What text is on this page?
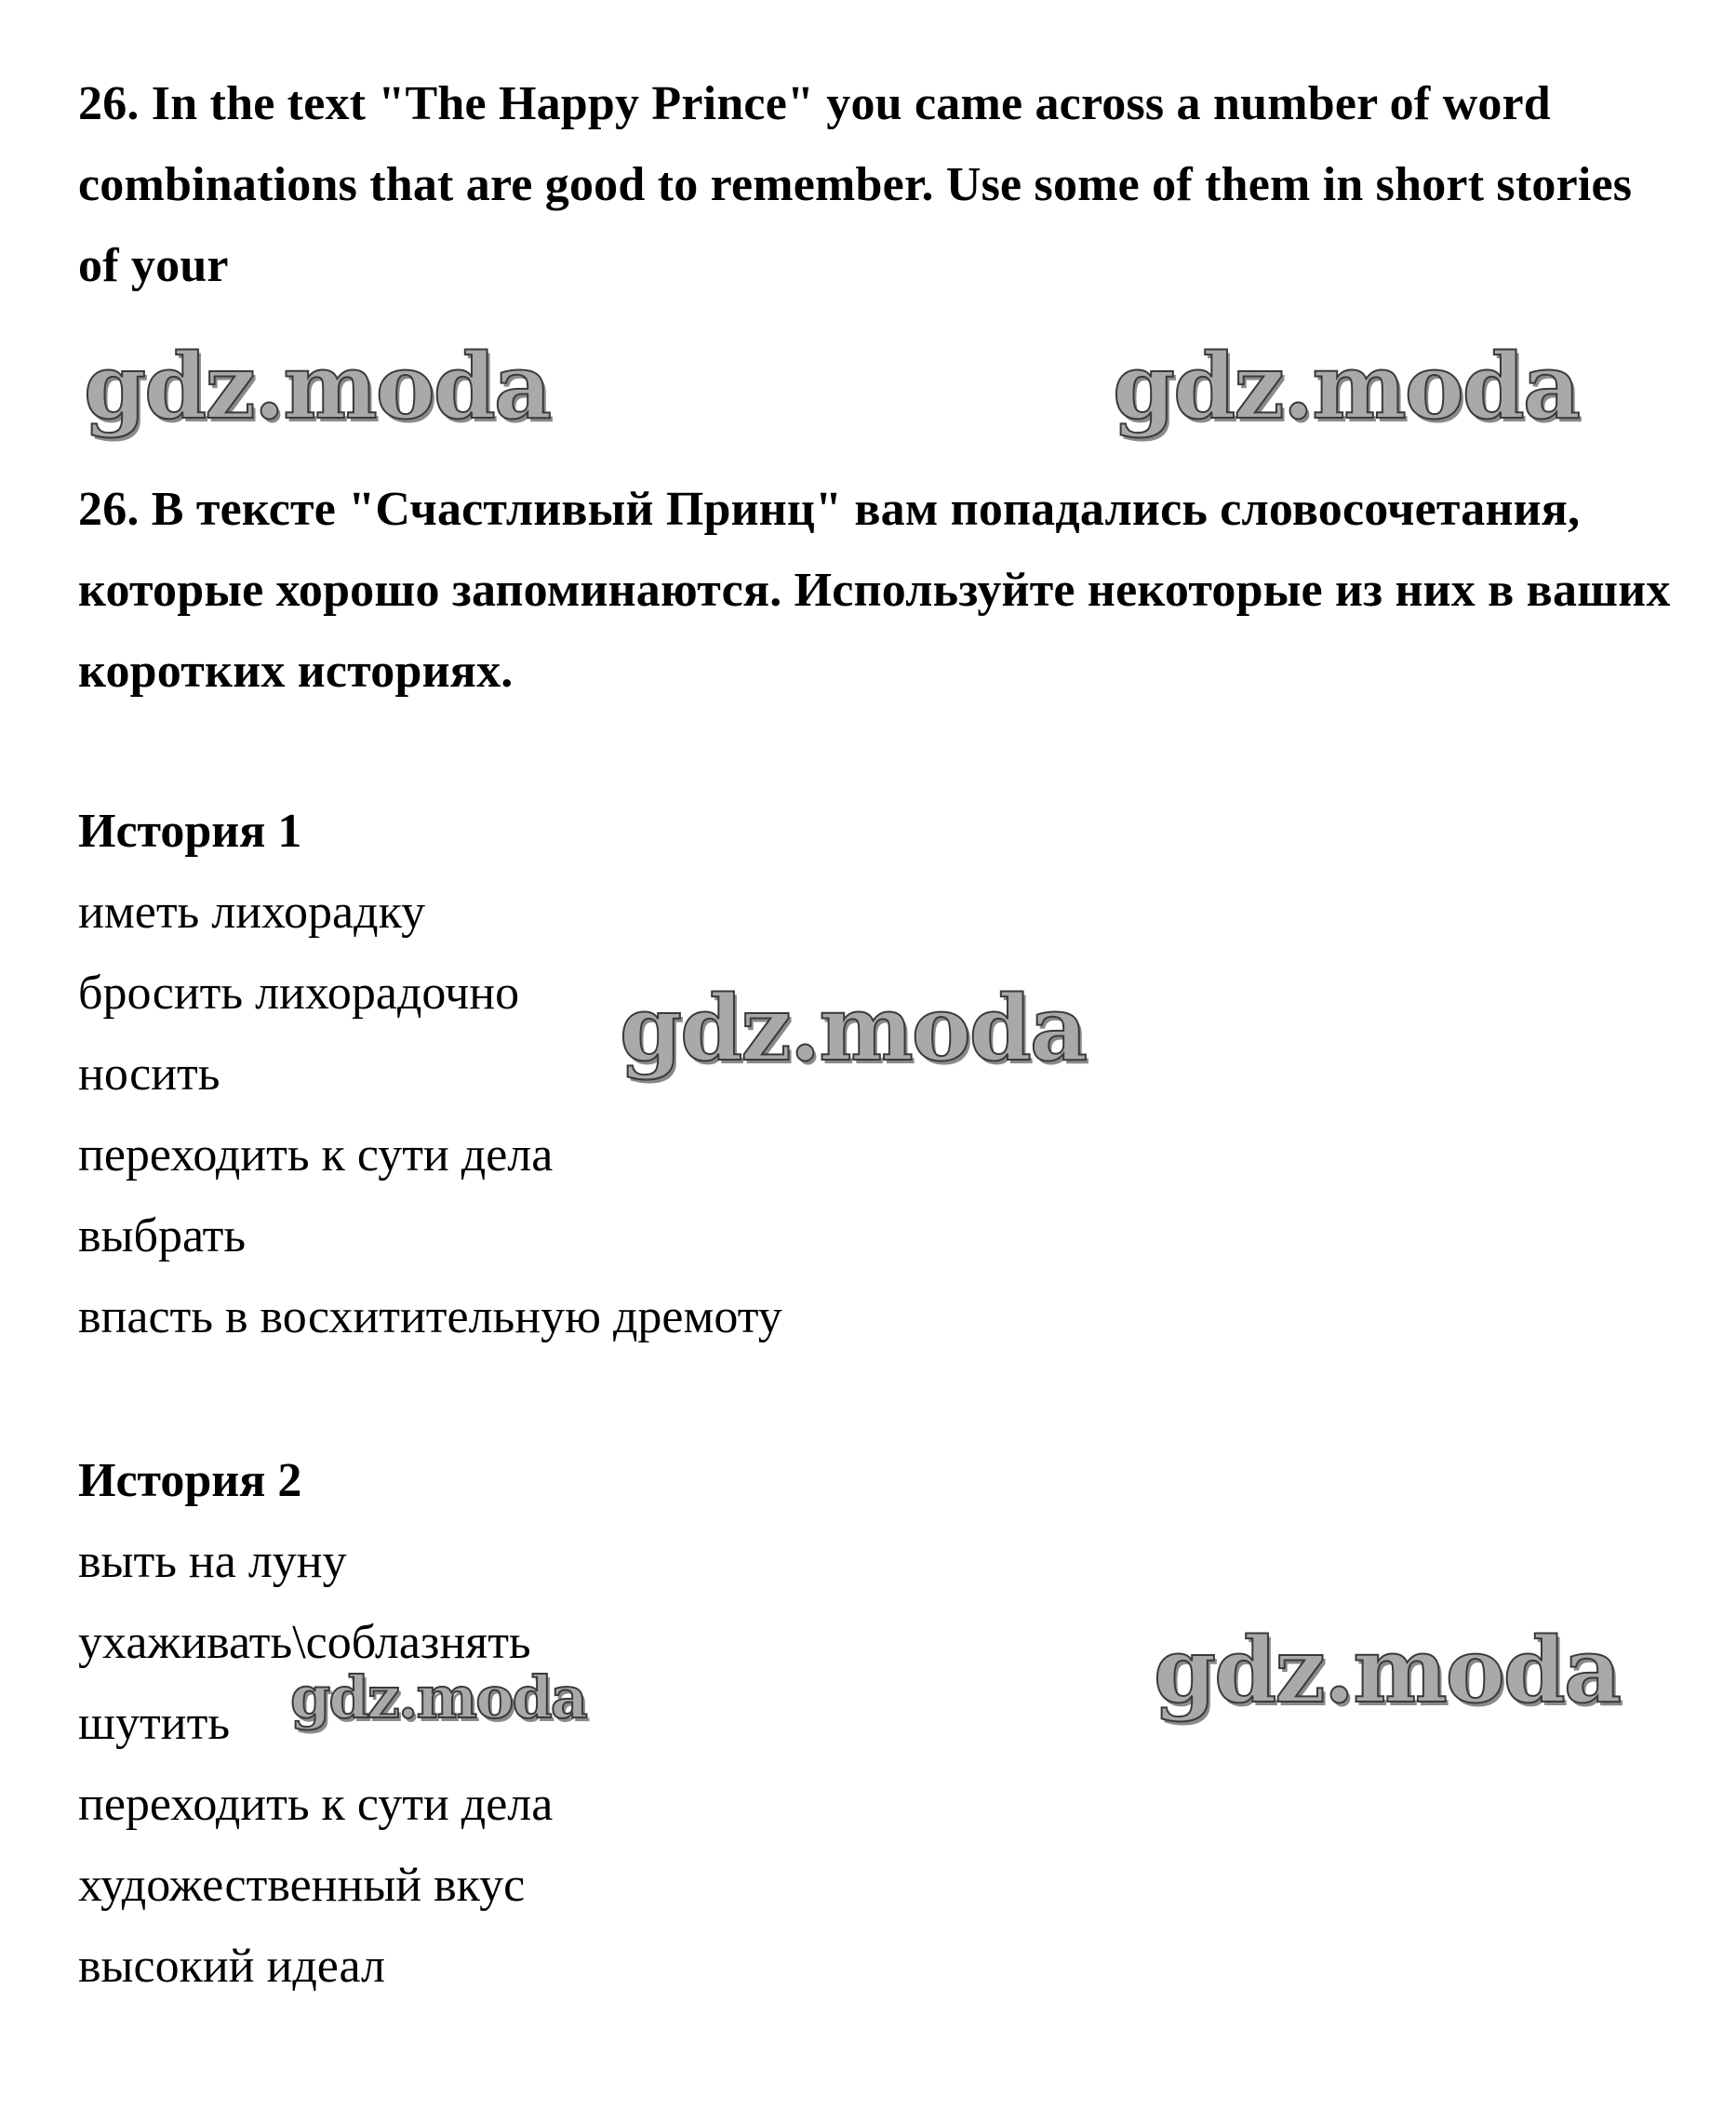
26. In the text "The Happy Prince" you came across a number of word combinations that are good to remember. Use some of them in short stories of your

gdz.moda	gdz.moda

26. В тексте "Счастливый Принц" вам попадались словосочетания, которые хорошо запоминаются. Используйте некоторые из них в ваших коротких историях.

История 1
иметь лихорадку
бросить лихорадочно
носить
переходить к сути дела
выбрать
впасть в восхитительную дремоту
gdz.moda
История 2
выть на луну
ухаживать\соблазнять
шутить
переходить к сути дела
художественный вкус
высокий идеал
gdz.moda	gdz.moda
